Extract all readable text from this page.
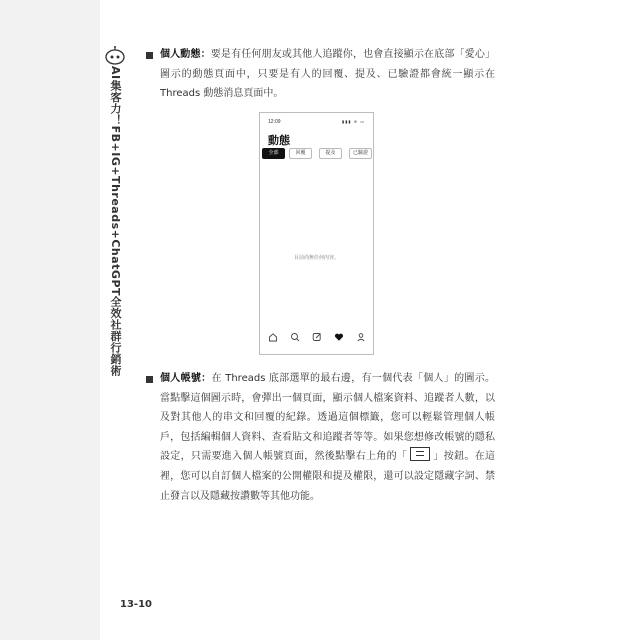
AI集客力！FB+IG+Threads+ChatGPT全效社群行銷術
個人動態：要是有任何朋友或其他人追蹤你，也會直接顯示在底部「愛心」圖示的動態頁面中，只要是有人的回覆、提及、已驗證都會統一顯示在 Threads 動態消息頁面中。
12:09	▮▮▮ ≋ ▭
動態
全部	回覆	提及	已驗證
目前尚無任何內容。
個人帳號：在 Threads 底部選單的最右邊，有一個代表「個人」的圖示。當點擊這個圖示時，會彈出一個頁面，顯示個人檔案資料、追蹤者人數，以及對其他人的串文和回覆的紀錄。透過這個標籤，您可以輕鬆管理個人帳戶，包括編輯個人資料、查看貼文和追蹤者等等。如果您想修改帳號的隱私設定，只需要進入個人帳號頁面，然後點擊右上角的「	」按鈕。在這裡，您可以自訂個人檔案的公開權限和提及權限，還可以設定隱藏字詞、禁止發言以及隱藏按讚數等其他功能。
13-10
